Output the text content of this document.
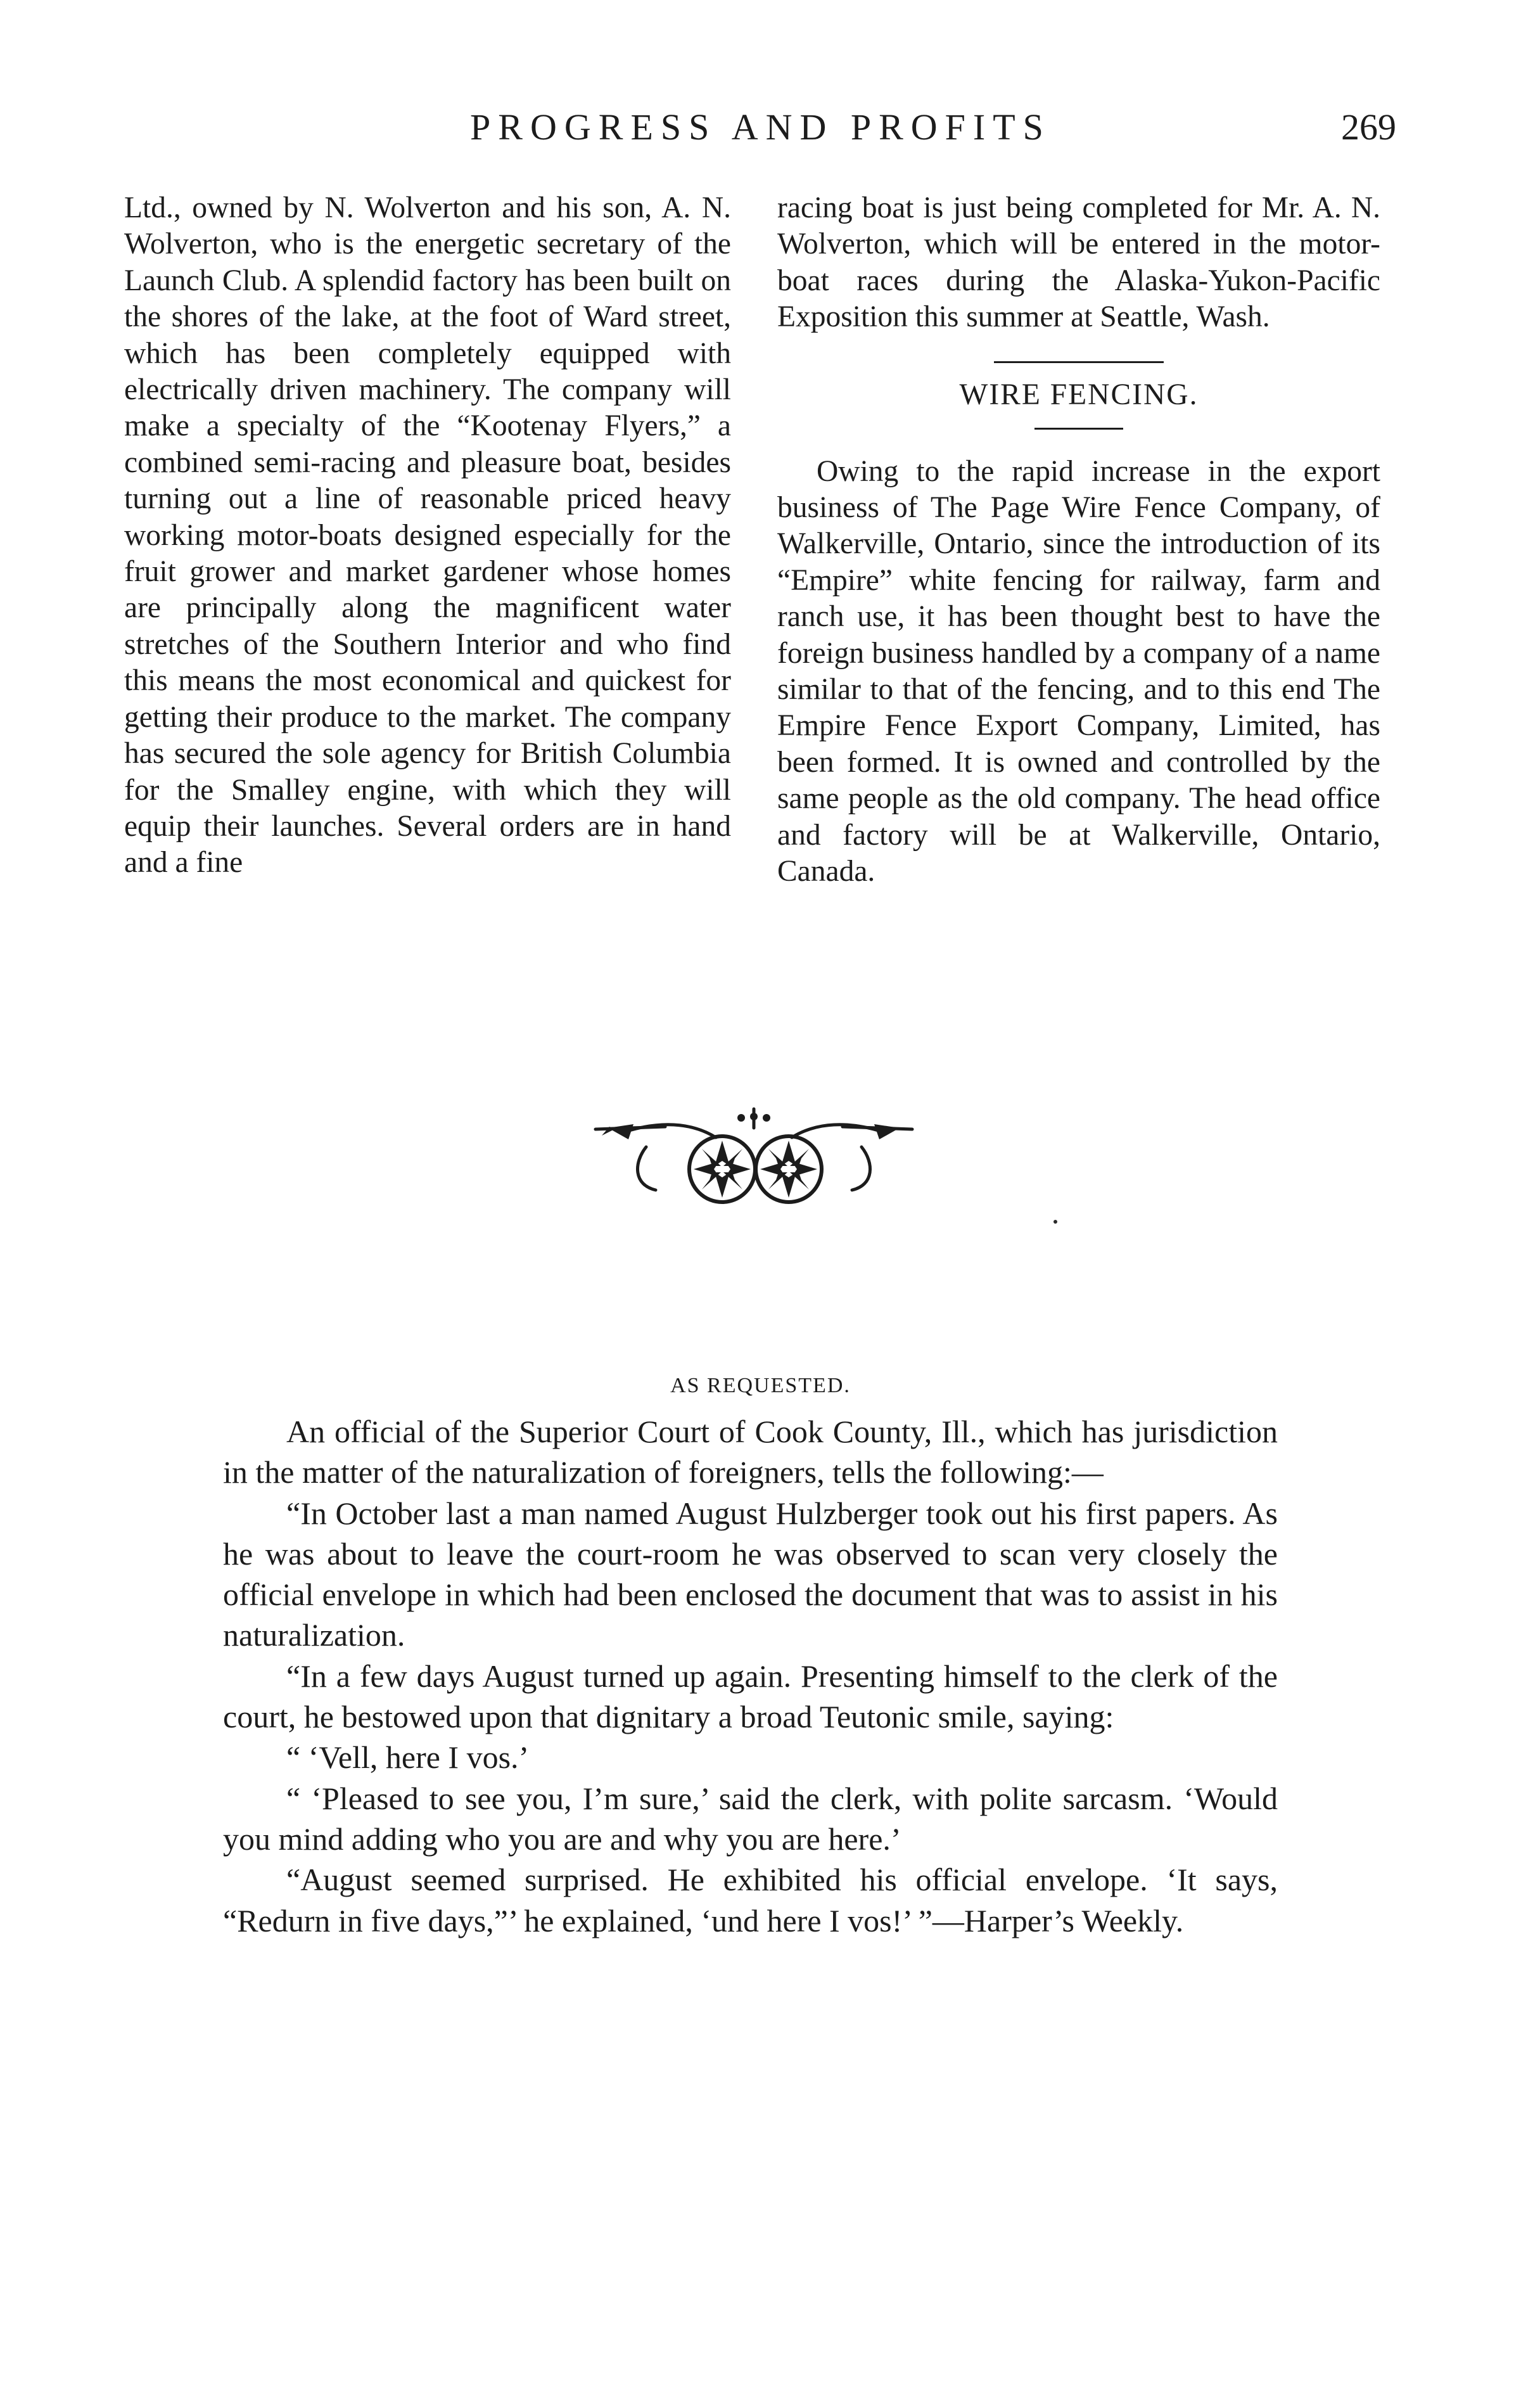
PROGRESS AND PROFITS	269

Ltd., owned by N. Wolverton and his son, A. N. Wolverton, who is the energetic secretary of the Launch Club. A splendid factory has been built on the shores of the lake, at the foot of Ward street, which has been completely equipped with electrically driven machinery. The company will make a specialty of the “Kootenay Flyers,” a combined semi-racing and pleasure boat, besides turning out a line of reasonable priced heavy working motor-boats designed especially for the fruit grower and market gardener whose homes are principally along the magnificent water stretches of the Southern Interior and who find this means the most economical and quickest for getting their produce to the market. The company has secured the sole agency for British Columbia for the Smalley engine, with which they will equip their launches. Several orders are in hand and a fine

racing boat is just being completed for Mr. A. N. Wolverton, which will be entered in the motor-boat races during the Alaska-Yukon-Pacific Exposition this summer at Seattle, Wash.

WIRE FENCING.

Owing to the rapid increase in the export business of The Page Wire Fence Company, of Walkerville, Ontario, since the introduction of its “Empire” white fencing for railway, farm and ranch use, it has been thought best to have the foreign business handled by a company of a name similar to that of the fencing, and to this end The Empire Fence Export Company, Limited, has been formed. It is owned and controlled by the same people as the old company. The head office and factory will be at Walkerville, Ontario, Canada.

AS REQUESTED.

An official of the Superior Court of Cook County, Ill., which has jurisdiction in the matter of the naturalization of foreigners, tells the following:—

“In October last a man named August Hulzberger took out his first papers. As he was about to leave the court-room he was observed to scan very closely the official envelope in which had been enclosed the document that was to assist in his naturalization.

“In a few days August turned up again. Presenting himself to the clerk of the court, he bestowed upon that dignitary a broad Teutonic smile, saying:

“ ‘Vell, here I vos.’

“ ‘Pleased to see you, I’m sure,’ said the clerk, with polite sarcasm. ‘Would you mind adding who you are and why you are here.’

“August seemed surprised. He exhibited his official envelope. ‘It says, “Redurn in five days,”’ he explained, ‘und here I vos!’ ”—Harper’s Weekly.
